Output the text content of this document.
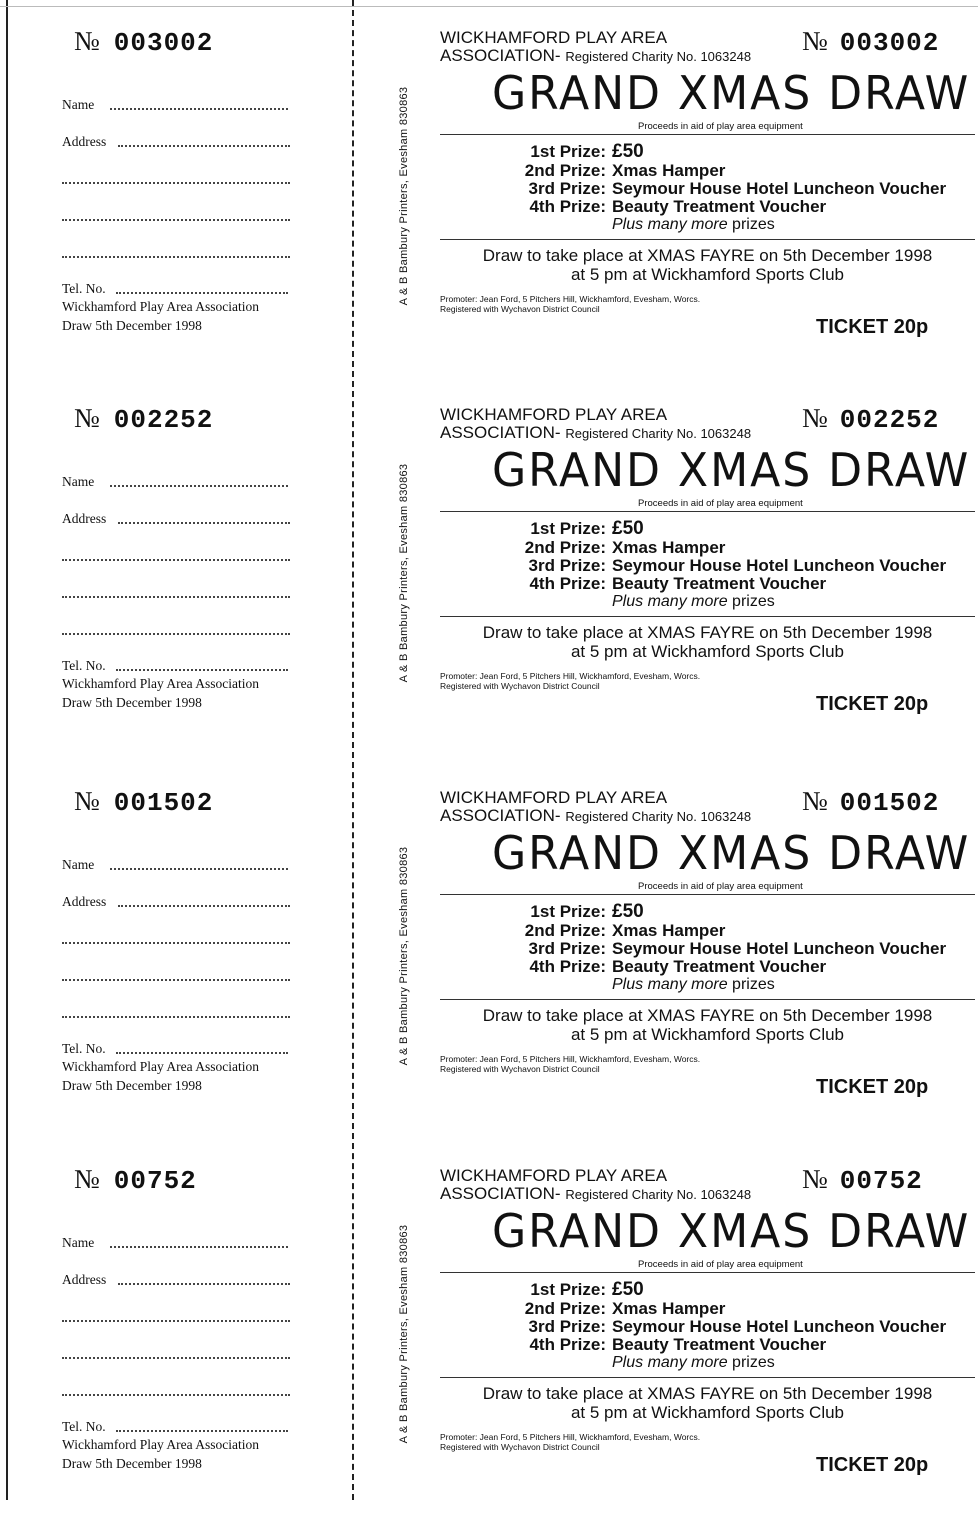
№ 003002
Name
Address
Tel. No.
Wickhamford Play Area Association
Draw 5th December 1998
A & B Bambury Printers, Evesham 830863
WICKHAMFORD PLAY AREA
ASSOCIATION- Registered Charity No. 1063248
№ 003002
GRAND XMAS DRAW
Proceeds in aid of play area equipment
1st Prize: £50
2nd Prize: Xmas Hamper
3rd Prize: Seymour House Hotel Luncheon Voucher
4th Prize: Beauty Treatment Voucher
Plus many more prizes
Draw to take place at XMAS FAYRE on 5th December 1998
at 5 pm at Wickhamford Sports Club
Promoter: Jean Ford, 5 Pitchers Hill, Wickhamford, Evesham, Worcs.
Registered with Wychavon District Council
TICKET 20p
№ 002252
Name
Address
Tel. No.
Wickhamford Play Area Association
Draw 5th December 1998
A & B Bambury Printers, Evesham 830863
WICKHAMFORD PLAY AREA
ASSOCIATION- Registered Charity No. 1063248
№ 002252
GRAND XMAS DRAW
Proceeds in aid of play area equipment
1st Prize: £50
2nd Prize: Xmas Hamper
3rd Prize: Seymour House Hotel Luncheon Voucher
4th Prize: Beauty Treatment Voucher
Plus many more prizes
Draw to take place at XMAS FAYRE on 5th December 1998
at 5 pm at Wickhamford Sports Club
Promoter: Jean Ford, 5 Pitchers Hill, Wickhamford, Evesham, Worcs.
Registered with Wychavon District Council
TICKET 20p
№ 001502
Name
Address
Tel. No.
Wickhamford Play Area Association
Draw 5th December 1998
A & B Bambury Printers, Evesham 830863
WICKHAMFORD PLAY AREA
ASSOCIATION- Registered Charity No. 1063248
№ 001502
GRAND XMAS DRAW
Proceeds in aid of play area equipment
1st Prize: £50
2nd Prize: Xmas Hamper
3rd Prize: Seymour House Hotel Luncheon Voucher
4th Prize: Beauty Treatment Voucher
Plus many more prizes
Draw to take place at XMAS FAYRE on 5th December 1998
at 5 pm at Wickhamford Sports Club
Promoter: Jean Ford, 5 Pitchers Hill, Wickhamford, Evesham, Worcs.
Registered with Wychavon District Council
TICKET 20p
№ 00752
Name
Address
Tel. No.
Wickhamford Play Area Association
Draw 5th December 1998
A & B Bambury Printers, Evesham 830863
WICKHAMFORD PLAY AREA
ASSOCIATION- Registered Charity No. 1063248
№ 00752
GRAND XMAS DRAW
Proceeds in aid of play area equipment
1st Prize: £50
2nd Prize: Xmas Hamper
3rd Prize: Seymour House Hotel Luncheon Voucher
4th Prize: Beauty Treatment Voucher
Plus many more prizes
Draw to take place at XMAS FAYRE on 5th December 1998
at 5 pm at Wickhamford Sports Club
Promoter: Jean Ford, 5 Pitchers Hill, Wickhamford, Evesham, Worcs.
Registered with Wychavon District Council
TICKET 20p
